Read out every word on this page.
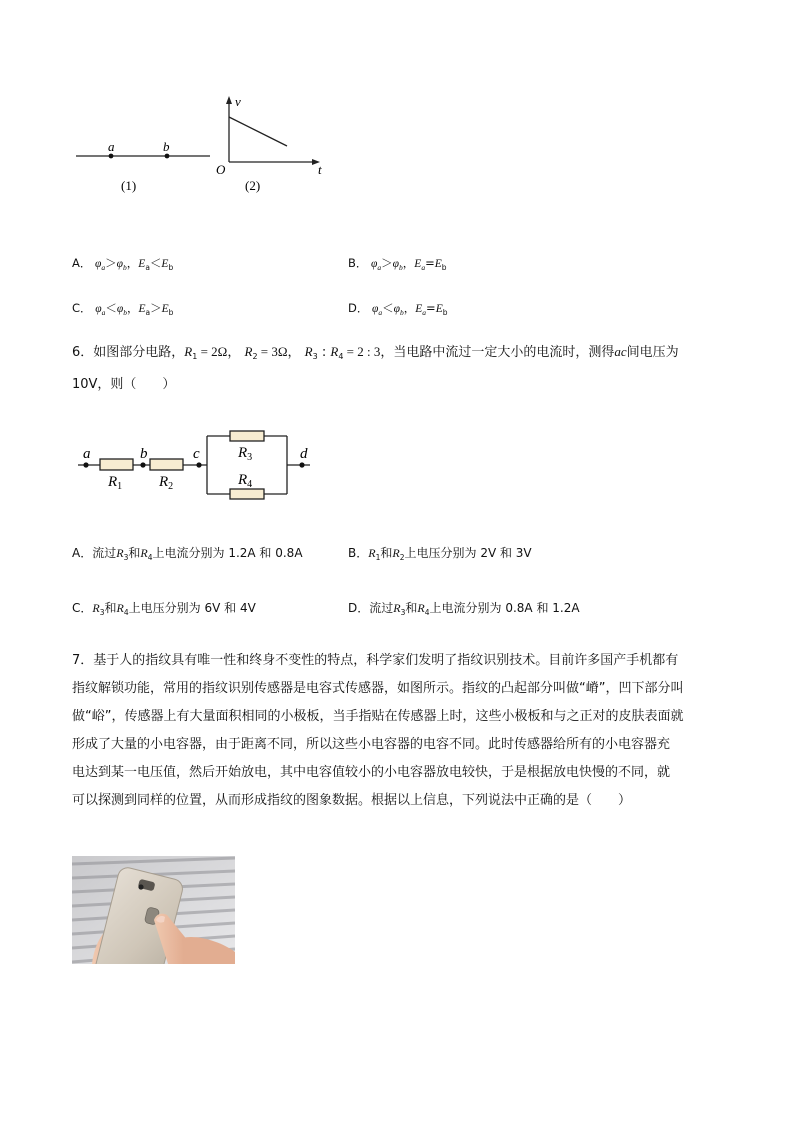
a	b
(1)
v
O	t
(2)
A． $\varphi_a>\varphi_b$，$E_a<E_b$	B． $\varphi_a>\varphi_b$，$E_a=E_b$
C． $\varphi_a<\varphi_b$，$E_a>E_b$	D． $\varphi_a<\varphi_b$，$E_a=E_b$
6．如图部分电路，$R_1 = 2\Omega$， $R_2 = 3\Omega$， $R_3$ : $R_4 = 2$ : 3，当电路中流过一定大小的电流时，测得ac间电压为
10V，则（　　）
a	b	c	d
$R_1$ $R_2$
$R_3$
$R_4$
A．流过$R_3$和$R_4$上电流分别为 1.2A 和 0.8A	B．$R_1$和$R_2$上电压分别为 2V 和 3V
C．$R_3$和$R_4$上电压分别为 6V 和 4V	D．流过$R_3$和$R_4$上电流分别为 0.8A 和 1.2A
7．基于人的指纹具有唯一性和终身不变性的特点，科学家们发明了指纹识别技术。目前许多国产手机都有
指纹解锁功能，常用的指纹识别传感器是电容式传感器，如图所示。指纹的凸起部分叫做“嵴”，凹下部分叫
做“峪”，传感器上有大量面积相同的小极板，当手指贴在传感器上时，这些小极板和与之正对的皮肤表面就
形成了大量的小电容器，由于距离不同，所以这些小电容器的电容不同。此时传感器给所有的小电容器充
电达到某一电压值，然后开始放电，其中电容值较小的小电容器放电较快，于是根据放电快慢的不同，就
可以探测到同样的位置，从而形成指纹的图象数据。根据以上信息，下列说法中正确的是（　　）
